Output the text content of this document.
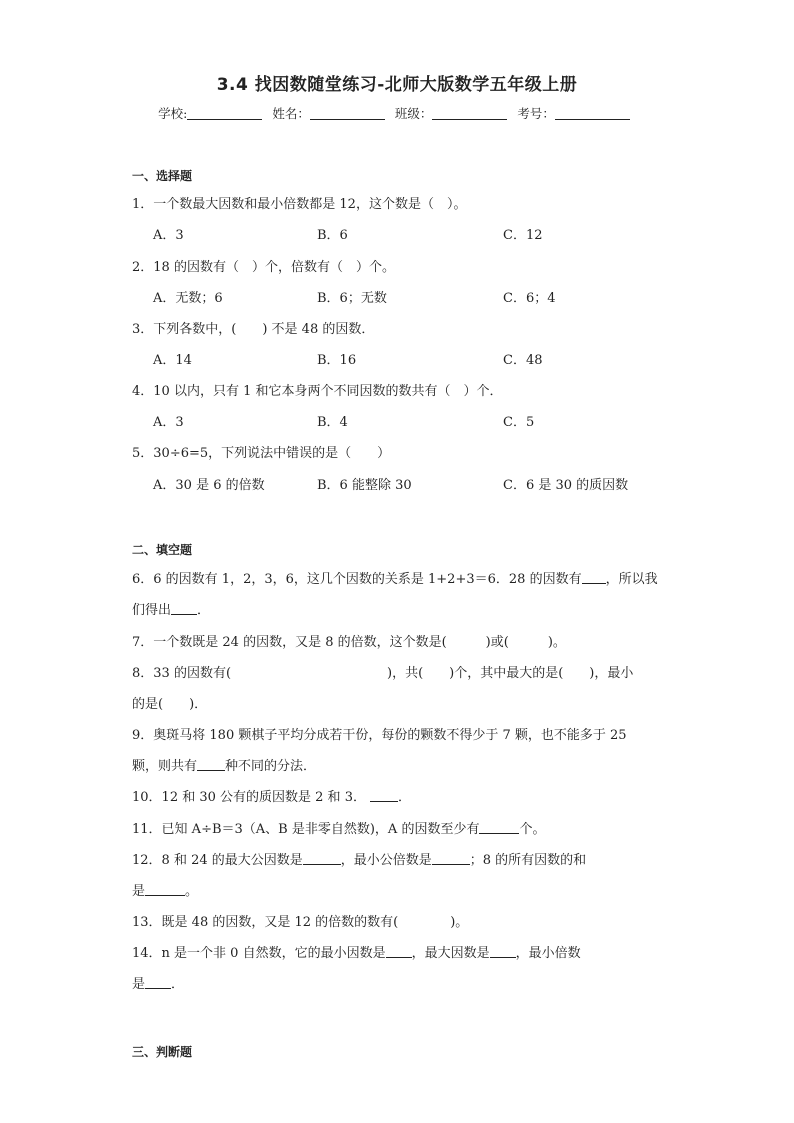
3.4 找因数随堂练习-北师大版数学五年级上册
学校:	姓名：	班级：	考号：
一、选择题
1．一个数最大因数和最小倍数都是 12，这个数是（　）。
A．3	B．6	C．12
2．18 的因数有（　）个，倍数有（　）个。
A．无数；6	B．6；无数	C．6；4
3．下列各数中，(　　) 不是 48 的因数．
A．14	B．16	C．48
4．10 以内，只有 1 和它本身两个不同因数的数共有（　）个．
A．3	B．4	C．5
5．30÷6=5，下列说法中错误的是（　　）
A．30 是 6 的倍数	B．6 能整除 30	C．6 是 30 的质因数
二、填空题
6．6 的因数有 1，2，3，6，这几个因数的关系是 1+2+3＝6．28 的因数有 ，所以我
们得出 ．
7．一个数既是 24 的因数，又是 8 的倍数，这个数是(　　　)或(　　　)。
8．33 的因数有(　　　　　　　　　　　　)，共(　　)个，其中最大的是(　　)，最小
的是(　　)．
9．奥斑马将 180 颗棋子平均分成若干份，每份的颗数不得少于 7 颗，也不能多于 25
颗，则共有 种不同的分法．
10．12 和 30 公有的质因数是 2 和 3． ．
11．已知 A÷B＝3（A、B 是非零自然数)，A 的因数至少有	个。
12．8 和 24 的最大公因数是	，最小公倍数是	；8 的所有因数的和
是	。
13．既是 48 的因数，又是 12 的倍数的数有(　　　　)。
14．n 是一个非 0 自然数，它的最小因数是 ，最大因数是 ，最小倍数
是 ．
三、判断题
